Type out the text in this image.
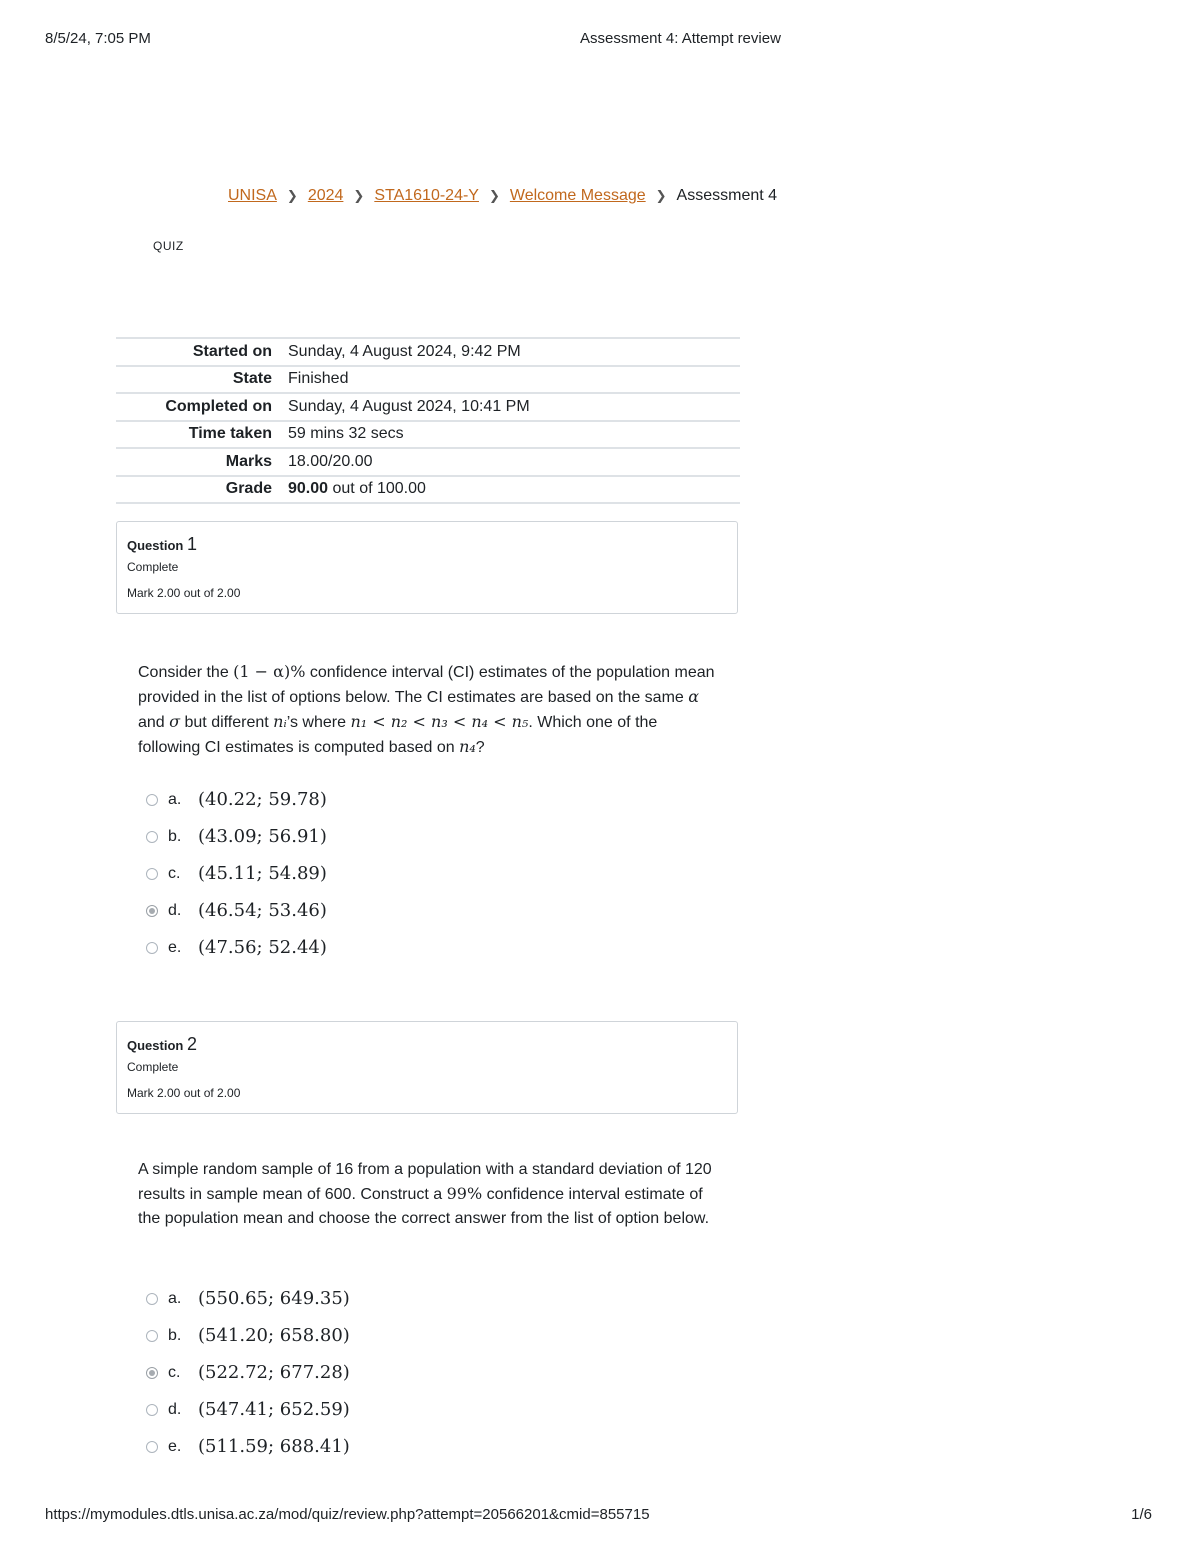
8/5/24, 7:05 PM	Assessment 4: Attempt review
UNISA ❯ 2024 ❯ STA1610-24-Y ❯ Welcome Message ❯ Assessment 4
QUIZ
Started on	Sunday, 4 August 2024, 9:42 PM
State	Finished
Completed on	Sunday, 4 August 2024, 10:41 PM
Time taken	59 mins 32 secs
Marks	18.00/20.00
Grade	90.00 out of 100.00
Question 1
Complete
Mark 2.00 out of 2.00
Consider the (1 − α)% confidence interval (CI) estimates of the population mean provided in the list of options below. The CI estimates are based on the same α and σ but different nᵢ’s where n₁ < n₂ < n₃ < n₄ < n₅. Which one of the following CI estimates is computed based on n₄?
a. (40.22; 59.78)
b. (43.09; 56.91)
c. (45.11; 54.89)
d. (46.54; 53.46)
e. (47.56; 52.44)
Question 2
Complete
Mark 2.00 out of 2.00
A simple random sample of 16 from a population with a standard deviation of 120 results in sample mean of 600. Construct a 99% confidence interval estimate of the population mean and choose the correct answer from the list of option below.
a. (550.65; 649.35)
b. (541.20; 658.80)
c. (522.72; 677.28)
d. (547.41; 652.59)
e. (511.59; 688.41)
https://mymodules.dtls.unisa.ac.za/mod/quiz/review.php?attempt=20566201&cmid=855715	1/6
